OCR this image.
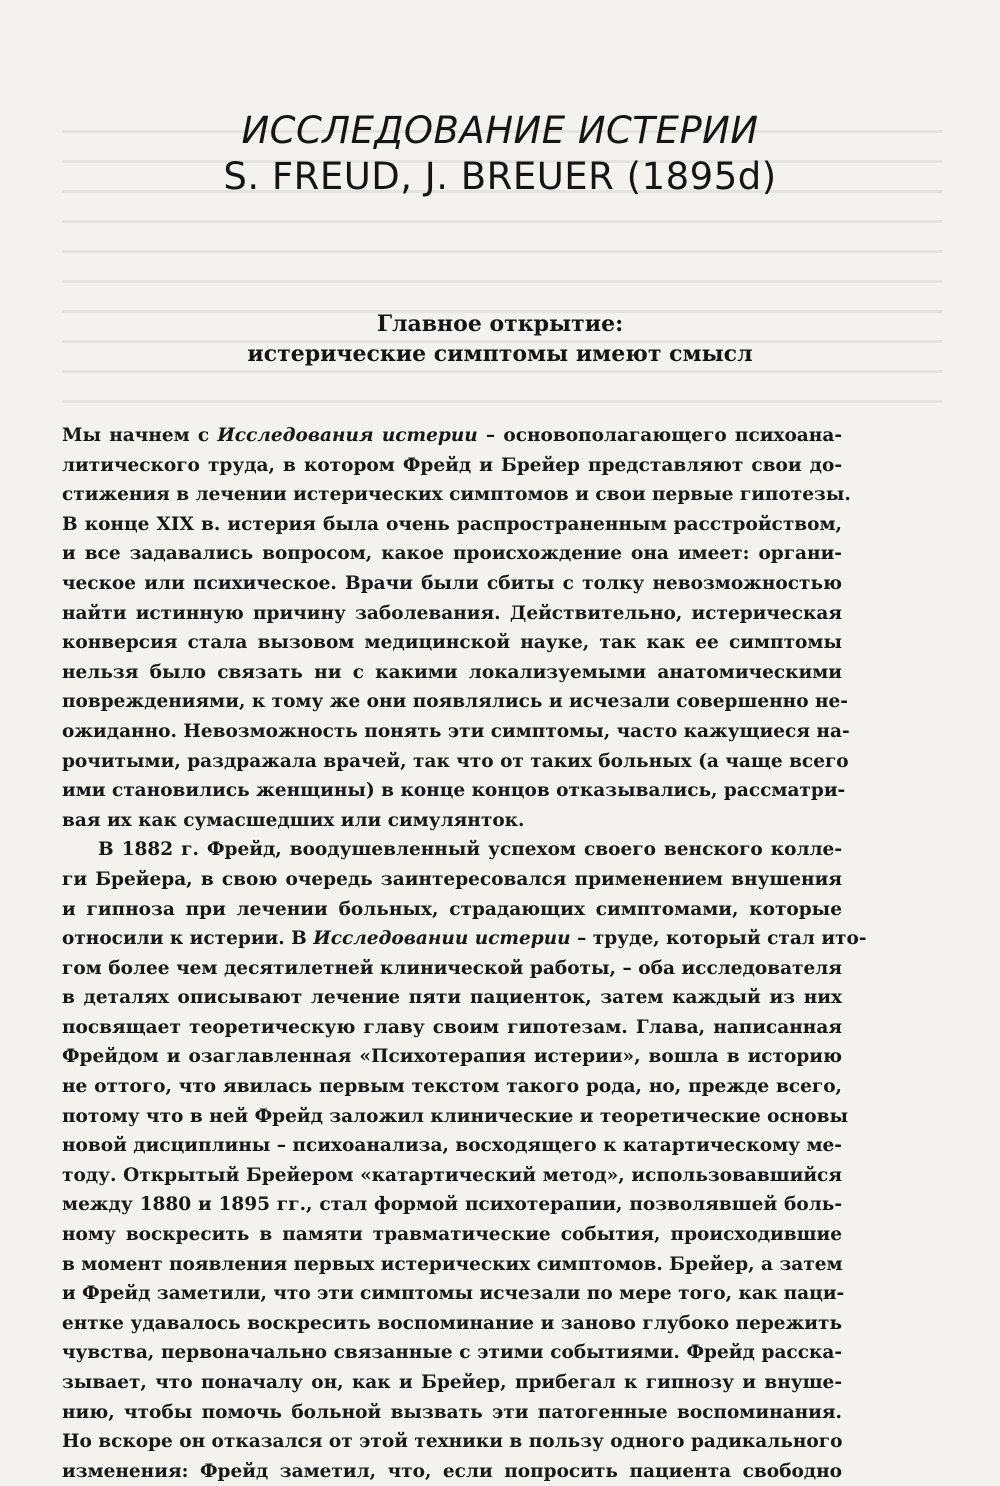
ИССЛЕДОВАНИЕ ИСТЕРИИ
S. FREUD, J. BREUER (1895d)
Главное открытие:
истерические симптомы имеют смысл
Мы начнем с Исследования истерии – основополагающего психоана-
литического труда, в котором Фрейд и Брейер представляют свои до-
стижения в лечении истерических симптомов и свои первые гипотезы.
В конце XIX в. истерия была очень распространенным расстройством,
и все задавались вопросом, какое происхождение она имеет: органи-
ческое или психическое. Врачи были сбиты с толку невозможностью
найти истинную причину заболевания. Действительно, истерическая
конверсия стала вызовом медицинской науке, так как ее симптомы
нельзя было связать ни с какими локализуемыми анатомическими
повреждениями, к тому же они появлялись и исчезали совершенно не-
ожиданно. Невозможность понять эти симптомы, часто кажущиеся на-
рочитыми, раздражала врачей, так что от таких больных (а чаще всего
ими становились женщины) в конце концов отказывались, рассматри-
вая их как сумасшедших или симулянток.
В 1882 г. Фрейд, воодушевленный успехом своего венского колле-
ги Брейера, в свою очередь заинтересовался применением внушения
и гипноза при лечении больных, страдающих симптомами, которые
относили к истерии. В Исследовании истерии – труде, который стал ито-
гом более чем десятилетней клинической работы, – оба исследователя
в деталях описывают лечение пяти пациенток, затем каждый из них
посвящает теоретическую главу своим гипотезам. Глава, написанная
Фрейдом и озаглавленная «Психотерапия истерии», вошла в историю
не оттого, что явилась первым текстом такого рода, но, прежде всего,
потому что в ней Фрейд заложил клинические и теоретические основы
новой дисциплины – психоанализа, восходящего к катартическому ме-
тоду. Открытый Брейером «катартический метод», использовавшийся
между 1880 и 1895 гг., стал формой психотерапии, позволявшей боль-
ному воскресить в памяти травматические события, происходившие
в момент появления первых истерических симптомов. Брейер, а затем
и Фрейд заметили, что эти симптомы исчезали по мере того, как паци-
ентке удавалось воскресить воспоминание и заново глубоко пережить
чувства, первоначально связанные с этими событиями. Фрейд расска-
зывает, что поначалу он, как и Брейер, прибегал к гипнозу и внуше-
нию, чтобы помочь больной вызвать эти патогенные воспоминания.
Но вскоре он отказался от этой техники в пользу одного радикального
изменения: Фрейд заметил, что, если попросить пациента свободно
